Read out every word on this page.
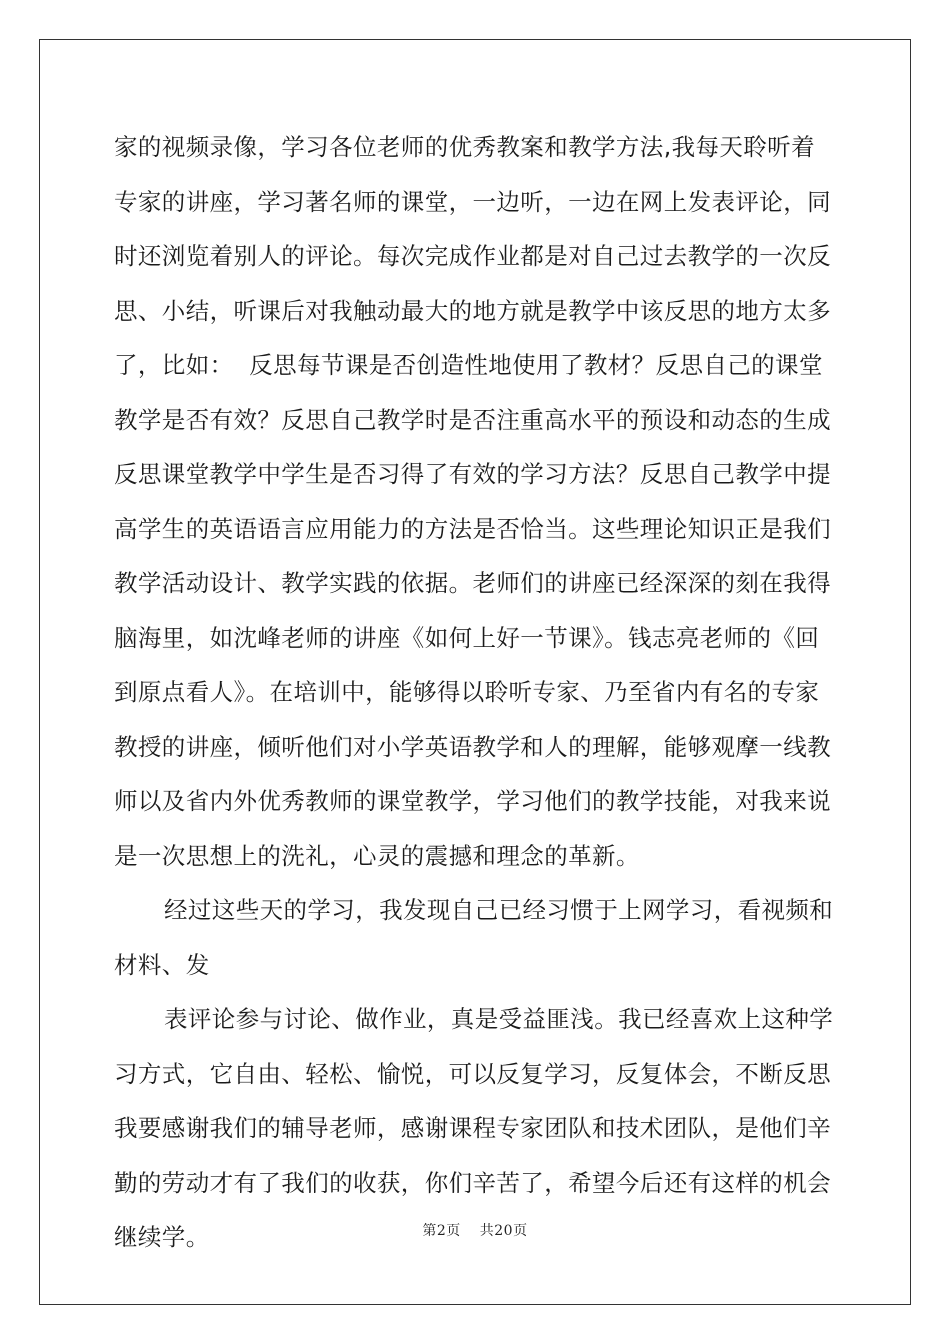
家的视频录像，学习各位老师的优秀教案和教学方法,我每天聆听着
专家的讲座，学习著名师的课堂，一边听，一边在网上发表评论，同
时还浏览着别人的评论。每次完成作业都是对自己过去教学的一次反
思、小结，听课后对我触动最大的地方就是教学中该反思的地方太多
了，比如：  反思每节课是否创造性地使用了教材？反思自己的课堂
教学是否有效？反思自己教学时是否注重高水平的预设和动态的生成
反思课堂教学中学生是否习得了有效的学习方法？反思自己教学中提
高学生的英语语言应用能力的方法是否恰当。这些理论知识正是我们
教学活动设计、教学实践的依据。老师们的讲座已经深深的刻在我得
脑海里，如沈峰老师的讲座《如何上好一节课》。钱志亮老师的《回
到原点看人》。在培训中，能够得以聆听专家、乃至省内有名的专家
教授的讲座，倾听他们对小学英语教学和人的理解，能够观摩一线教
师以及省内外优秀教师的课堂教学，学习他们的教学技能，对我来说
是一次思想上的洗礼，心灵的震撼和理念的革新。
经过这些天的学习，我发现自己已经习惯于上网学习，看视频和
材料、发
表评论参与讨论、做作业，真是受益匪浅。我已经喜欢上这种学
习方式，它自由、轻松、愉悦，可以反复学习，反复体会，不断反思
我要感谢我们的辅导老师，感谢课程专家团队和技术团队，是他们辛
勤的劳动才有了我们的收获，你们辛苦了，希望今后还有这样的机会
继续学。	第2页 共20页
